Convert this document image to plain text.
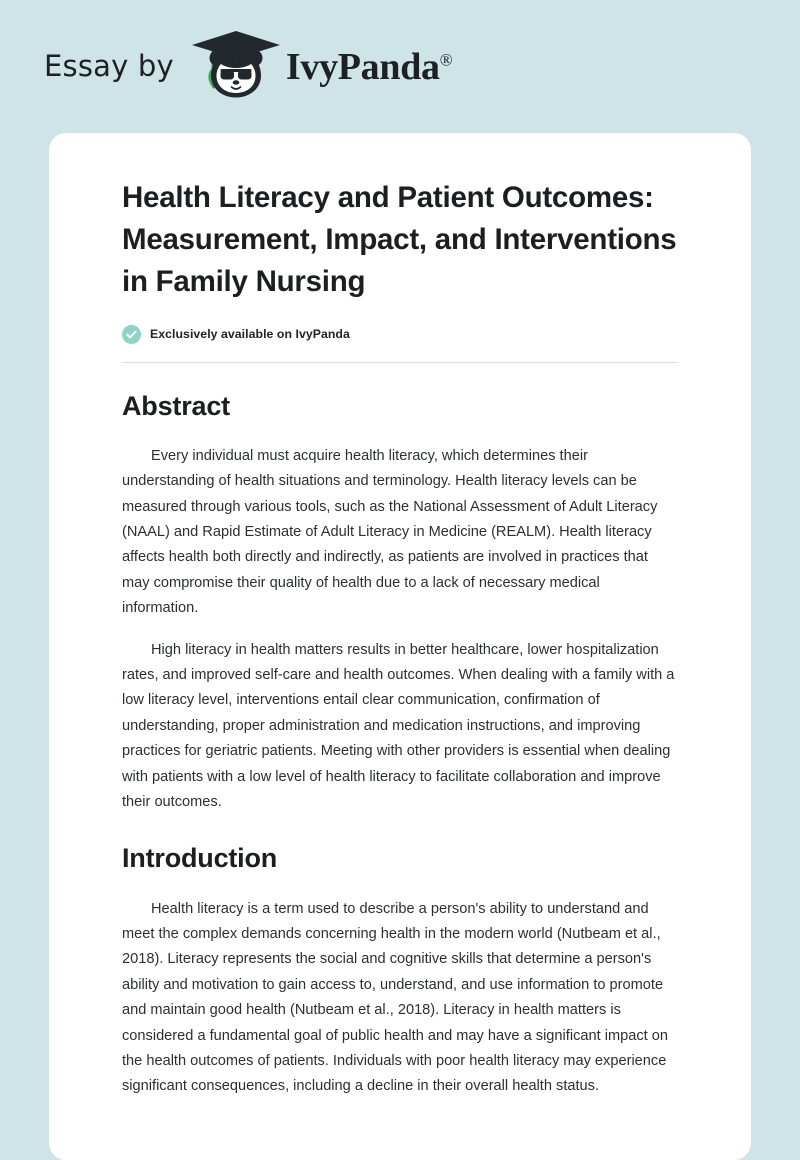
Essay by	IvyPanda®
Health Literacy and Patient Outcomes: Measurement, Impact, and Interventions in Family Nursing
Exclusively available on IvyPanda
Abstract

Every individual must acquire health literacy, which determines their understanding of health situations and terminology. Health literacy levels can be measured through various tools, such as the National Assessment of Adult Literacy (NAAL) and Rapid Estimate of Adult Literacy in Medicine (REALM). Health literacy affects health both directly and indirectly, as patients are involved in practices that may compromise their quality of health due to a lack of necessary medical information.

High literacy in health matters results in better healthcare, lower hospitalization rates, and improved self-care and health outcomes. When dealing with a family with a low literacy level, interventions entail clear communication, confirmation of understanding, proper administration and medication instructions, and improving practices for geriatric patients. Meeting with other providers is essential when dealing with patients with a low level of health literacy to facilitate collaboration and improve their outcomes.

Introduction

Health literacy is a term used to describe a person's ability to understand and meet the complex demands concerning health in the modern world (Nutbeam et al., 2018). Literacy represents the social and cognitive skills that determine a person's ability and motivation to gain access to, understand, and use information to promote and maintain good health (Nutbeam et al., 2018). Literacy in health matters is considered a fundamental goal of public health and may have a significant impact on the health outcomes of patients. Individuals with poor health literacy may experience significant consequences, including a decline in their overall health status.
